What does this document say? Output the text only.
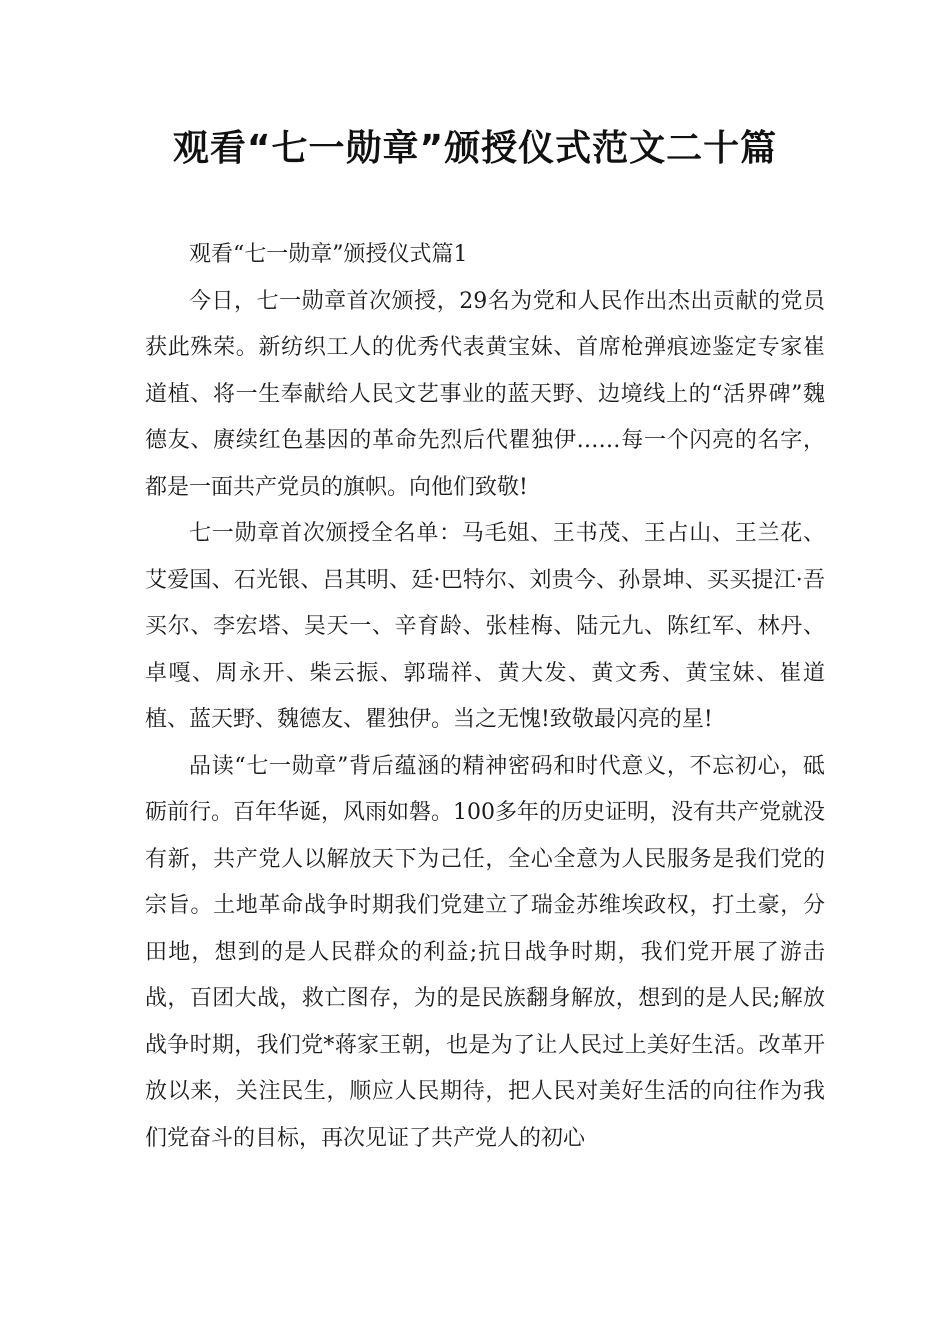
观看“七一勋章”颁授仪式范文二十篇

观看“七一勋章”颁授仪式篇1

今日，七一勋章首次颁授，29名为党和人民作出杰出贡献的党员获此殊荣。新纺织工人的优秀代表黄宝妹、首席枪弹痕迹鉴定专家崔道植、将一生奉献给人民文艺事业的蓝天野、边境线上的“活界碑”魏德友、赓续红色基因的革命先烈后代瞿独伊……每一个闪亮的名字，都是一面共产党员的旗帜。向他们致敬!

七一勋章首次颁授全名单：马毛姐、王书茂、王占山、王兰花、艾爱国、石光银、吕其明、廷·巴特尔、刘贵今、孙景坤、买买提江·吾买尔、李宏塔、吴天一、辛育龄、张桂梅、陆元九、陈红军、林丹、卓嘎、周永开、柴云振、郭瑞祥、黄大发、黄文秀、黄宝妹、崔道植、蓝天野、魏德友、瞿独伊。当之无愧!致敬最闪亮的星!

品读“七一勋章”背后蕴涵的精神密码和时代意义，不忘初心，砥砺前行。百年华诞，风雨如磐。100多年的历史证明，没有共产党就没有新，共产党人以解放天下为己任，全心全意为人民服务是我们党的宗旨。土地革命战争时期我们党建立了瑞金苏维埃政权，打土豪，分田地，想到的是人民群众的利益;抗日战争时期，我们党开展了游击战，百团大战，救亡图存，为的是民族翻身解放，想到的是人民;解放战争时期，我们党*蒋家王朝，也是为了让人民过上美好生活。改革开放以来，关注民生，顺应人民期待，把人民对美好生活的向往作为我们党奋斗的目标，再次见证了共产党人的初心
